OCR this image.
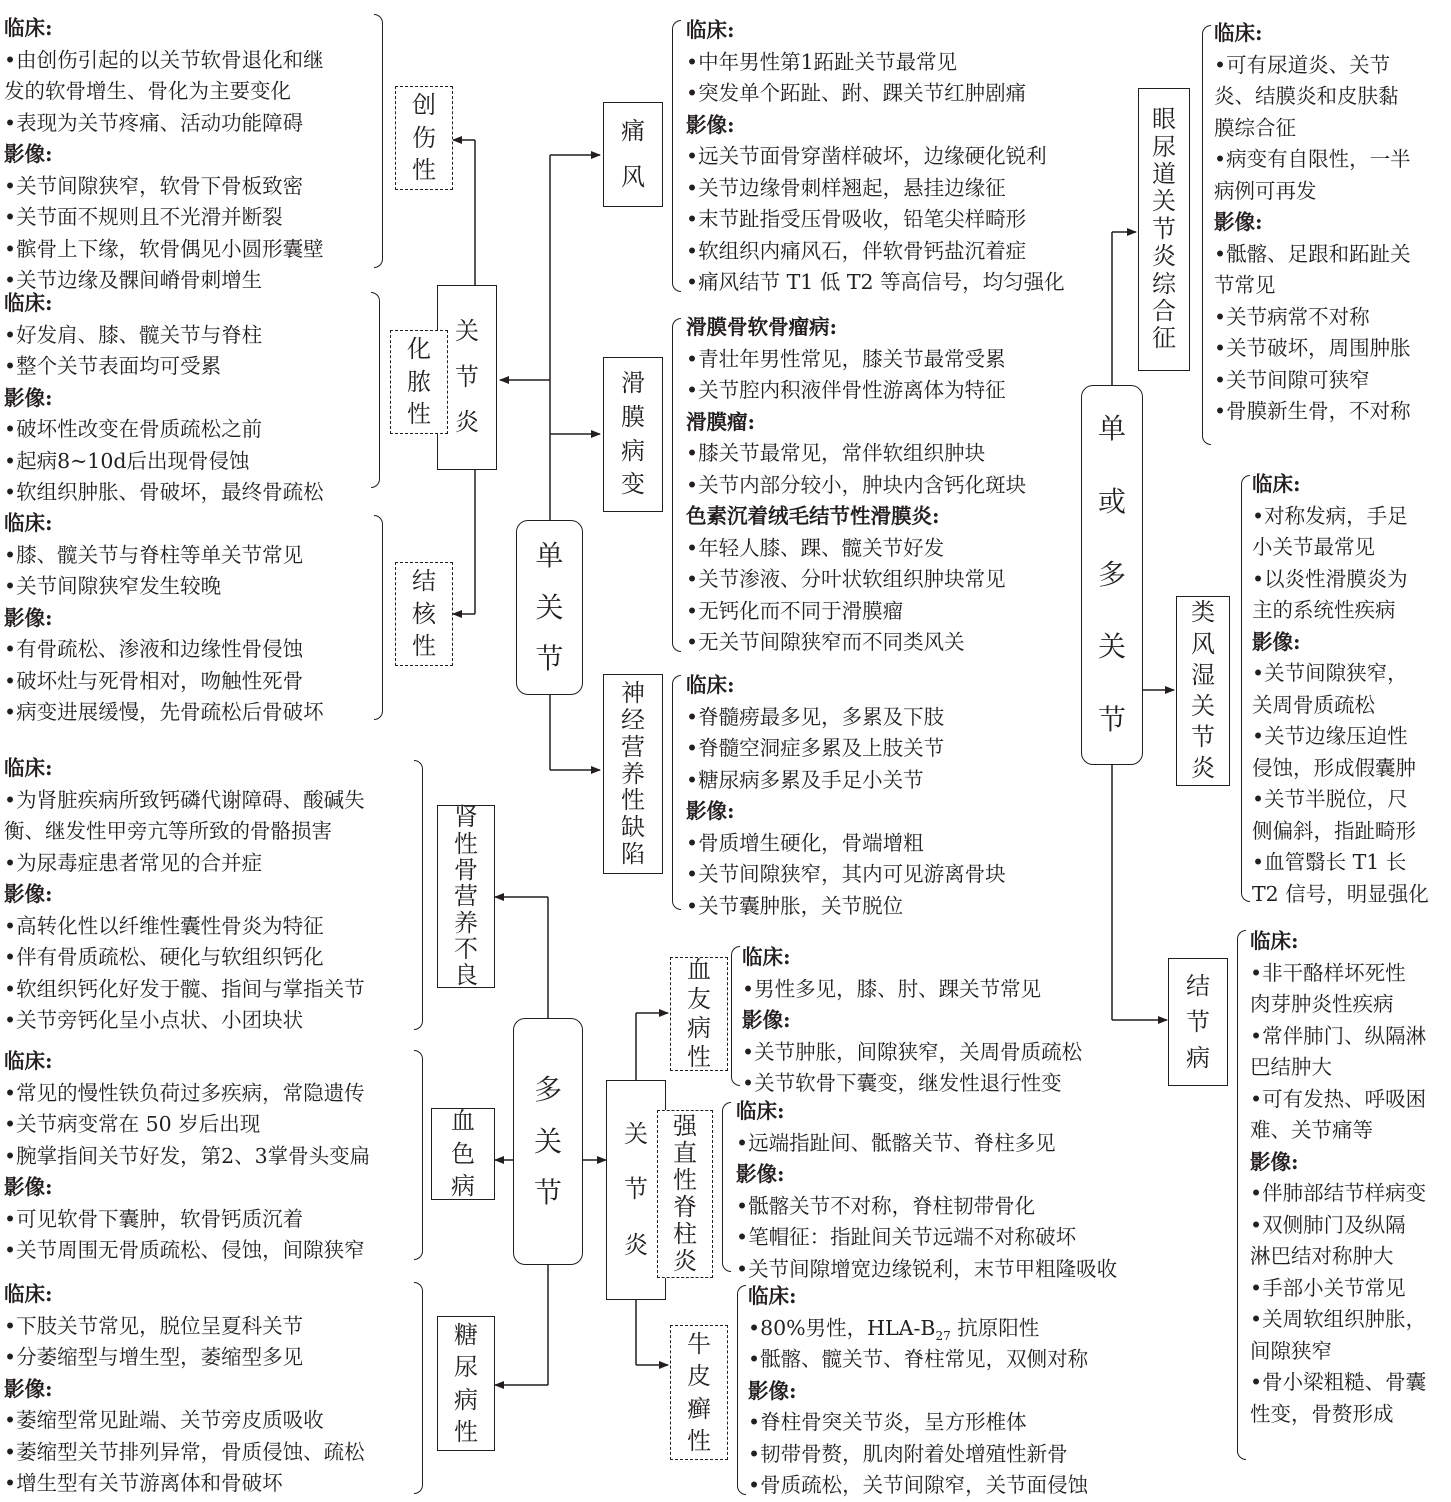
单
关
节
多
关
节
单
或
多
关
节
关
节
炎
创
伤
性
化
脓
性
结
核
性
肾
性
骨
营
养
不
良
血
色
病
糖
尿
病
性
痛
风
滑
膜
病
变
神
经
营
养
性
缺
陷
关
节
炎
血
友
病
性
强
直
性
脊
柱
炎
牛
皮
癣
性
眼
尿
道
关
节
炎
综
合
征
类
风
湿
关
节
炎
结
节
病
临床:
•由创伤引起的以关节软骨退化和继
发的软骨增生、骨化为主要变化
•表现为关节疼痛、活动功能障碍
影像:
•关节间隙狭窄，软骨下骨板致密
•关节面不规则且不光滑并断裂
•髌骨上下缘，软骨偶见小圆形囊壁
•关节边缘及髁间嵴骨刺增生
临床:
•好发肩、膝、髋关节与脊柱
•整个关节表面均可受累
影像:
•破坏性改变在骨质疏松之前
•起病8~10d后出现骨侵蚀
•软组织肿胀、骨破坏，最终骨疏松
临床:
•膝、髋关节与脊柱等单关节常见
•关节间隙狭窄发生较晚
影像:
•有骨疏松、渗液和边缘性骨侵蚀
•破坏灶与死骨相对，吻触性死骨
•病变进展缓慢，先骨疏松后骨破坏
临床:
•为肾脏疾病所致钙磷代谢障碍、酸碱失
衡、继发性甲旁亢等所致的骨骼损害
•为尿毒症患者常见的合并症
影像:
•高转化性以纤维性囊性骨炎为特征
•伴有骨质疏松、硬化与软组织钙化
•软组织钙化好发于髋、指间与掌指关节
•关节旁钙化呈小点状、小团块状
临床:
•常见的慢性铁负荷过多疾病，常隐遗传
•关节病变常在 50 岁后出现
•腕掌指间关节好发，第2、3掌骨头变扁
影像:
•可见软骨下囊肿，软骨钙质沉着
•关节周围无骨质疏松、侵蚀，间隙狭窄
临床:
•下肢关节常见，脱位呈夏科关节
•分萎缩型与增生型，萎缩型多见
影像:
•萎缩型常见趾端、关节旁皮质吸收
•萎缩型关节排列异常，骨质侵蚀、疏松
•增生型有关节游离体和骨破坏
临床:
•中年男性第1跖趾关节最常见
•突发单个跖趾、跗、踝关节红肿剧痛
影像:
•远关节面骨穿凿样破坏，边缘硬化锐利
•关节边缘骨刺样翘起，悬挂边缘征
•末节趾指受压骨吸收，铅笔尖样畸形
•软组织内痛风石，伴软骨钙盐沉着症
•痛风结节 T1 低 T2 等高信号，均匀强化
滑膜骨软骨瘤病:
•青壮年男性常见，膝关节最常受累
•关节腔内积液伴骨性游离体为特征
滑膜瘤:
•膝关节最常见，常伴软组织肿块
•关节内部分较小，肿块内含钙化斑块
色素沉着绒毛结节性滑膜炎:
•年轻人膝、踝、髋关节好发
•关节渗液、分叶状软组织肿块常见
•无钙化而不同于滑膜瘤
•无关节间隙狭窄而不同类风关
临床:
•脊髓痨最多见，多累及下肢
•脊髓空洞症多累及上肢关节
•糖尿病多累及手足小关节
影像:
•骨质增生硬化，骨端增粗
•关节间隙狭窄，其内可见游离骨块
•关节囊肿胀，关节脱位
临床:
•男性多见，膝、肘、踝关节常见
影像:
•关节肿胀，间隙狭窄，关周骨质疏松
•关节软骨下囊变，继发性退行性变
临床:
•远端指趾间、骶髂关节、脊柱多见
影像:
•骶髂关节不对称，脊柱韧带骨化
•笔帽征：指趾间关节远端不对称破坏
•关节间隙增宽边缘锐利，末节甲粗隆吸收
临床:
•80%男性，HLA-$B_{27}$ 抗原阳性
•骶髂、髋关节、脊柱常见，双侧对称
影像:
•脊柱骨突关节炎，呈方形椎体
•韧带骨赘，肌肉附着处增殖性新骨
•骨质疏松，关节间隙窄，关节面侵蚀
临床:
•可有尿道炎、关节
炎、结膜炎和皮肤黏
膜综合征
•病变有自限性，一半
病例可再发
影像:
•骶髂、足跟和跖趾关
节常见
•关节病常不对称
•关节破坏，周围肿胀
•关节间隙可狭窄
•骨膜新生骨，不对称
临床:
•对称发病，手足
小关节最常见
•以炎性滑膜炎为
主的系统性疾病
影像:
•关节间隙狭窄，
关周骨质疏松
•关节边缘压迫性
侵蚀，形成假囊肿
•关节半脱位，尺
侧偏斜，指趾畸形
•血管翳长 T1 长
T2 信号，明显强化
临床:
•非干酪样坏死性
肉芽肿炎性疾病
•常伴肺门、纵隔淋
巴结肿大
•可有发热、呼吸困
难、关节痛等
影像:
•伴肺部结节样病变
•双侧肺门及纵隔
淋巴结对称肿大
•手部小关节常见
•关周软组织肿胀，
间隙狭窄
•骨小梁粗糙、骨囊
性变，骨赘形成
